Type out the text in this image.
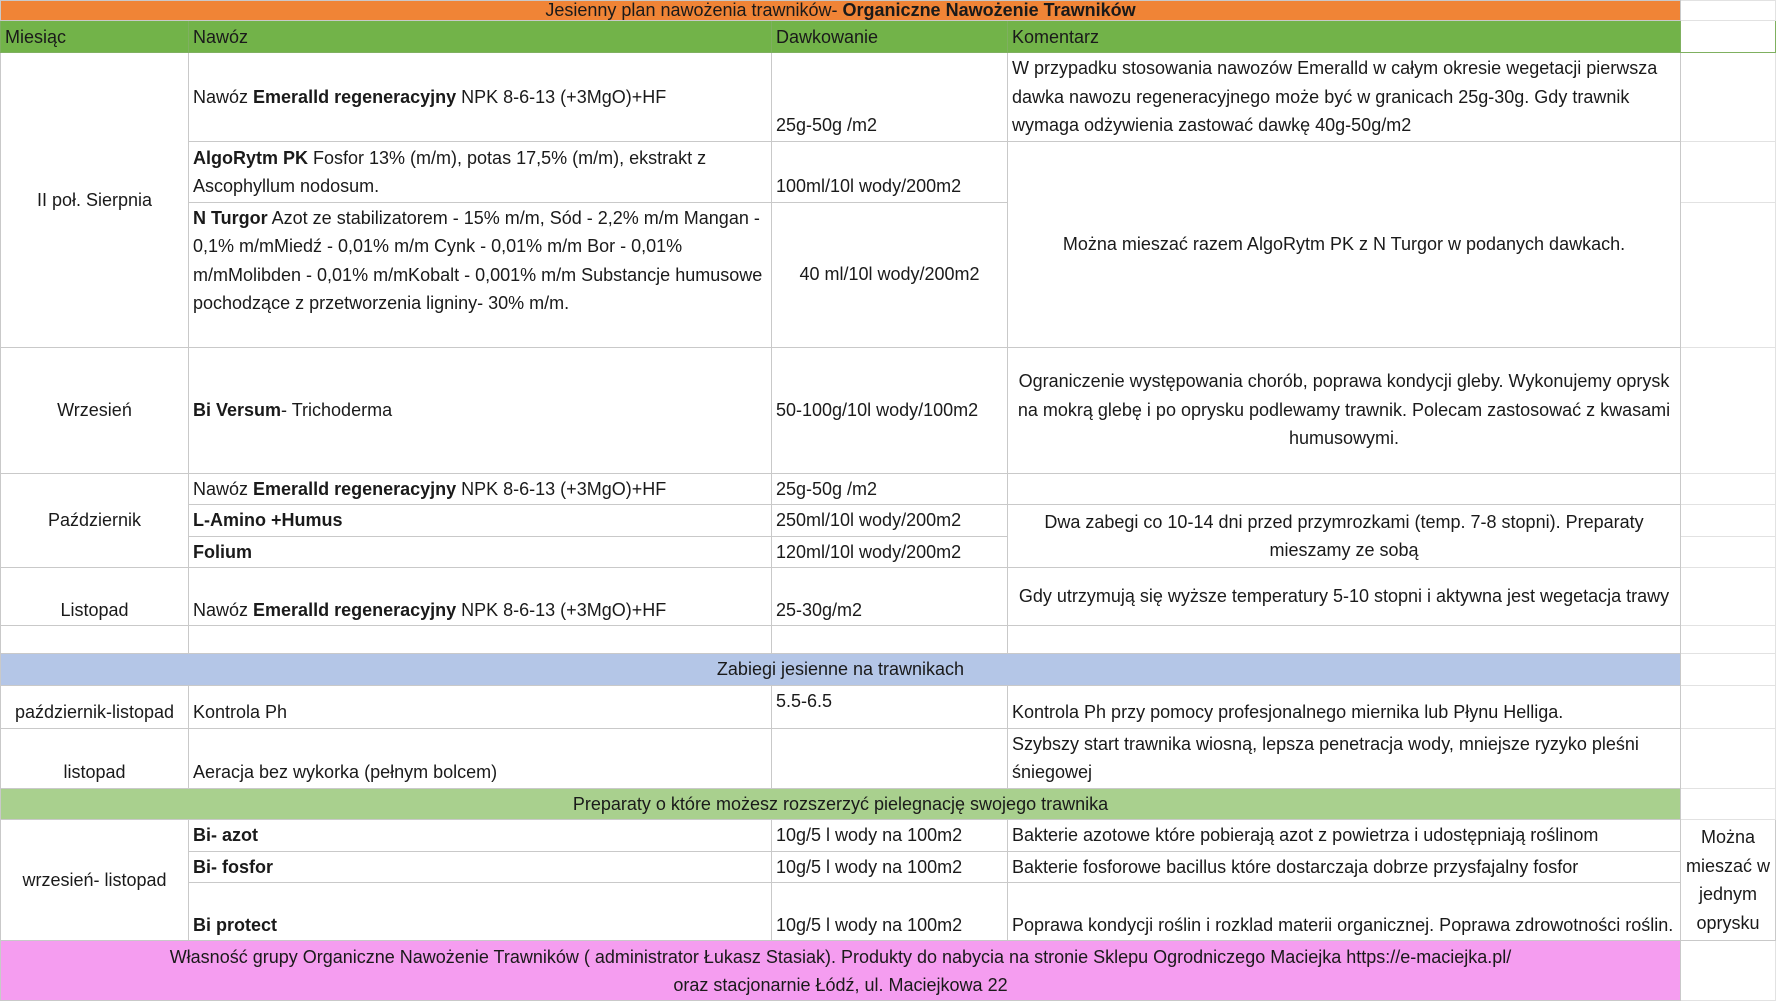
Jesienny plan nawożenia trawników- Organiczne Nawożenie Trawników				
Miesiąc	Nawóz	Dawkowanie	Komentarz	
II poł. Sierpnia	Nawóz Emeralld regeneracyjny NPK 8-6-13 (+3MgO)+HF	25g-50g /m2	W przypadku stosowania nawozów Emeralld w całym okresie wegetacji pierwsza dawka nawozu regeneracyjnego może być w granicach 25g-30g. Gdy trawnik wymaga odżywienia zastować dawkę 40g-50g/m2	
	AlgoRytm PK Fosfor 13% (m/m), potas 17,5% (m/m), ekstrakt z Ascophyllum nodosum.	100ml/10l wody/200m2	Można mieszać razem AlgoRytm PK z N Turgor w podanych dawkach.	
	N Turgor Azot ze stabilizatorem - 15% m/m, Sód - 2,2% m/m Mangan - 0,1% m/mMiedź - 0,01% m/m Cynk - 0,01% m/m Bor - 0,01% m/mMolibden - 0,01% m/mKobalt - 0,001% m/m Substancje humusowe pochodzące z przetworzenia ligniny- 30% m/m.	40 ml/10l wody/200m2		
Wrzesień	Bi Versum- Trichoderma	50-100g/10l wody/100m2	Ograniczenie występowania chorób, poprawa kondycji gleby. Wykonujemy oprysk na mokrą glebę i po oprysku podlewamy trawnik. Polecam zastosować z kwasami humusowymi.	
Październik	Nawóz Emeralld regeneracyjny NPK 8-6-13 (+3MgO)+HF	25g-50g /m2		
	L-Amino +Humus	250ml/10l wody/200m2	Dwa zabegi co 10-14 dni przed przymrozkami (temp. 7-8 stopni). Preparaty mieszamy ze sobą	
	Folium	120ml/10l wody/200m2		
Listopad	Nawóz Emeralld regeneracyjny NPK 8-6-13 (+3MgO)+HF	25-30g/m2	Gdy utrzymują się wyższe temperatury 5-10 stopni i aktywna jest wegetacja trawy	

Zabiegi jesienne na trawnikach				
październik-listopad	Kontrola Ph	5.5-6.5	Kontrola Ph przy pomocy profesjonalnego miernika lub Płynu Helliga.	
listopad	Aeracja bez wykorka (pełnym bolcem)		Szybszy start trawnika wiosną, lepsza penetracja wody, mniejsze ryzyko pleśni śniegowej	
Preparaty o które możesz rozszerzyć pielegnację swojego trawnika				
wrzesień- listopad	Bi- azot	10g/5 l wody na 100m2	Bakterie azotowe które pobierają azot z powietrza i udostępniają roślinom	Można mieszać w jednym oprysku
	Bi- fosfor	10g/5 l wody na 100m2	Bakterie fosforowe bacillus które dostarczaja dobrze przysfajalny fosfor	
	Bi protect	10g/5 l wody na 100m2	Poprawa kondycji roślin i rozklad materii organicznej. Poprawa zdrowotności roślin.	

Własność grupy Organiczne Nawożenie Trawników ( administrator Łukasz Stasiak). Produkty do nabycia na stronie Sklepu Ogrodniczego Maciejka https://e-maciejka.pl/
oraz stacjonarnie Łódź, ul. Maciejkowa 22				
